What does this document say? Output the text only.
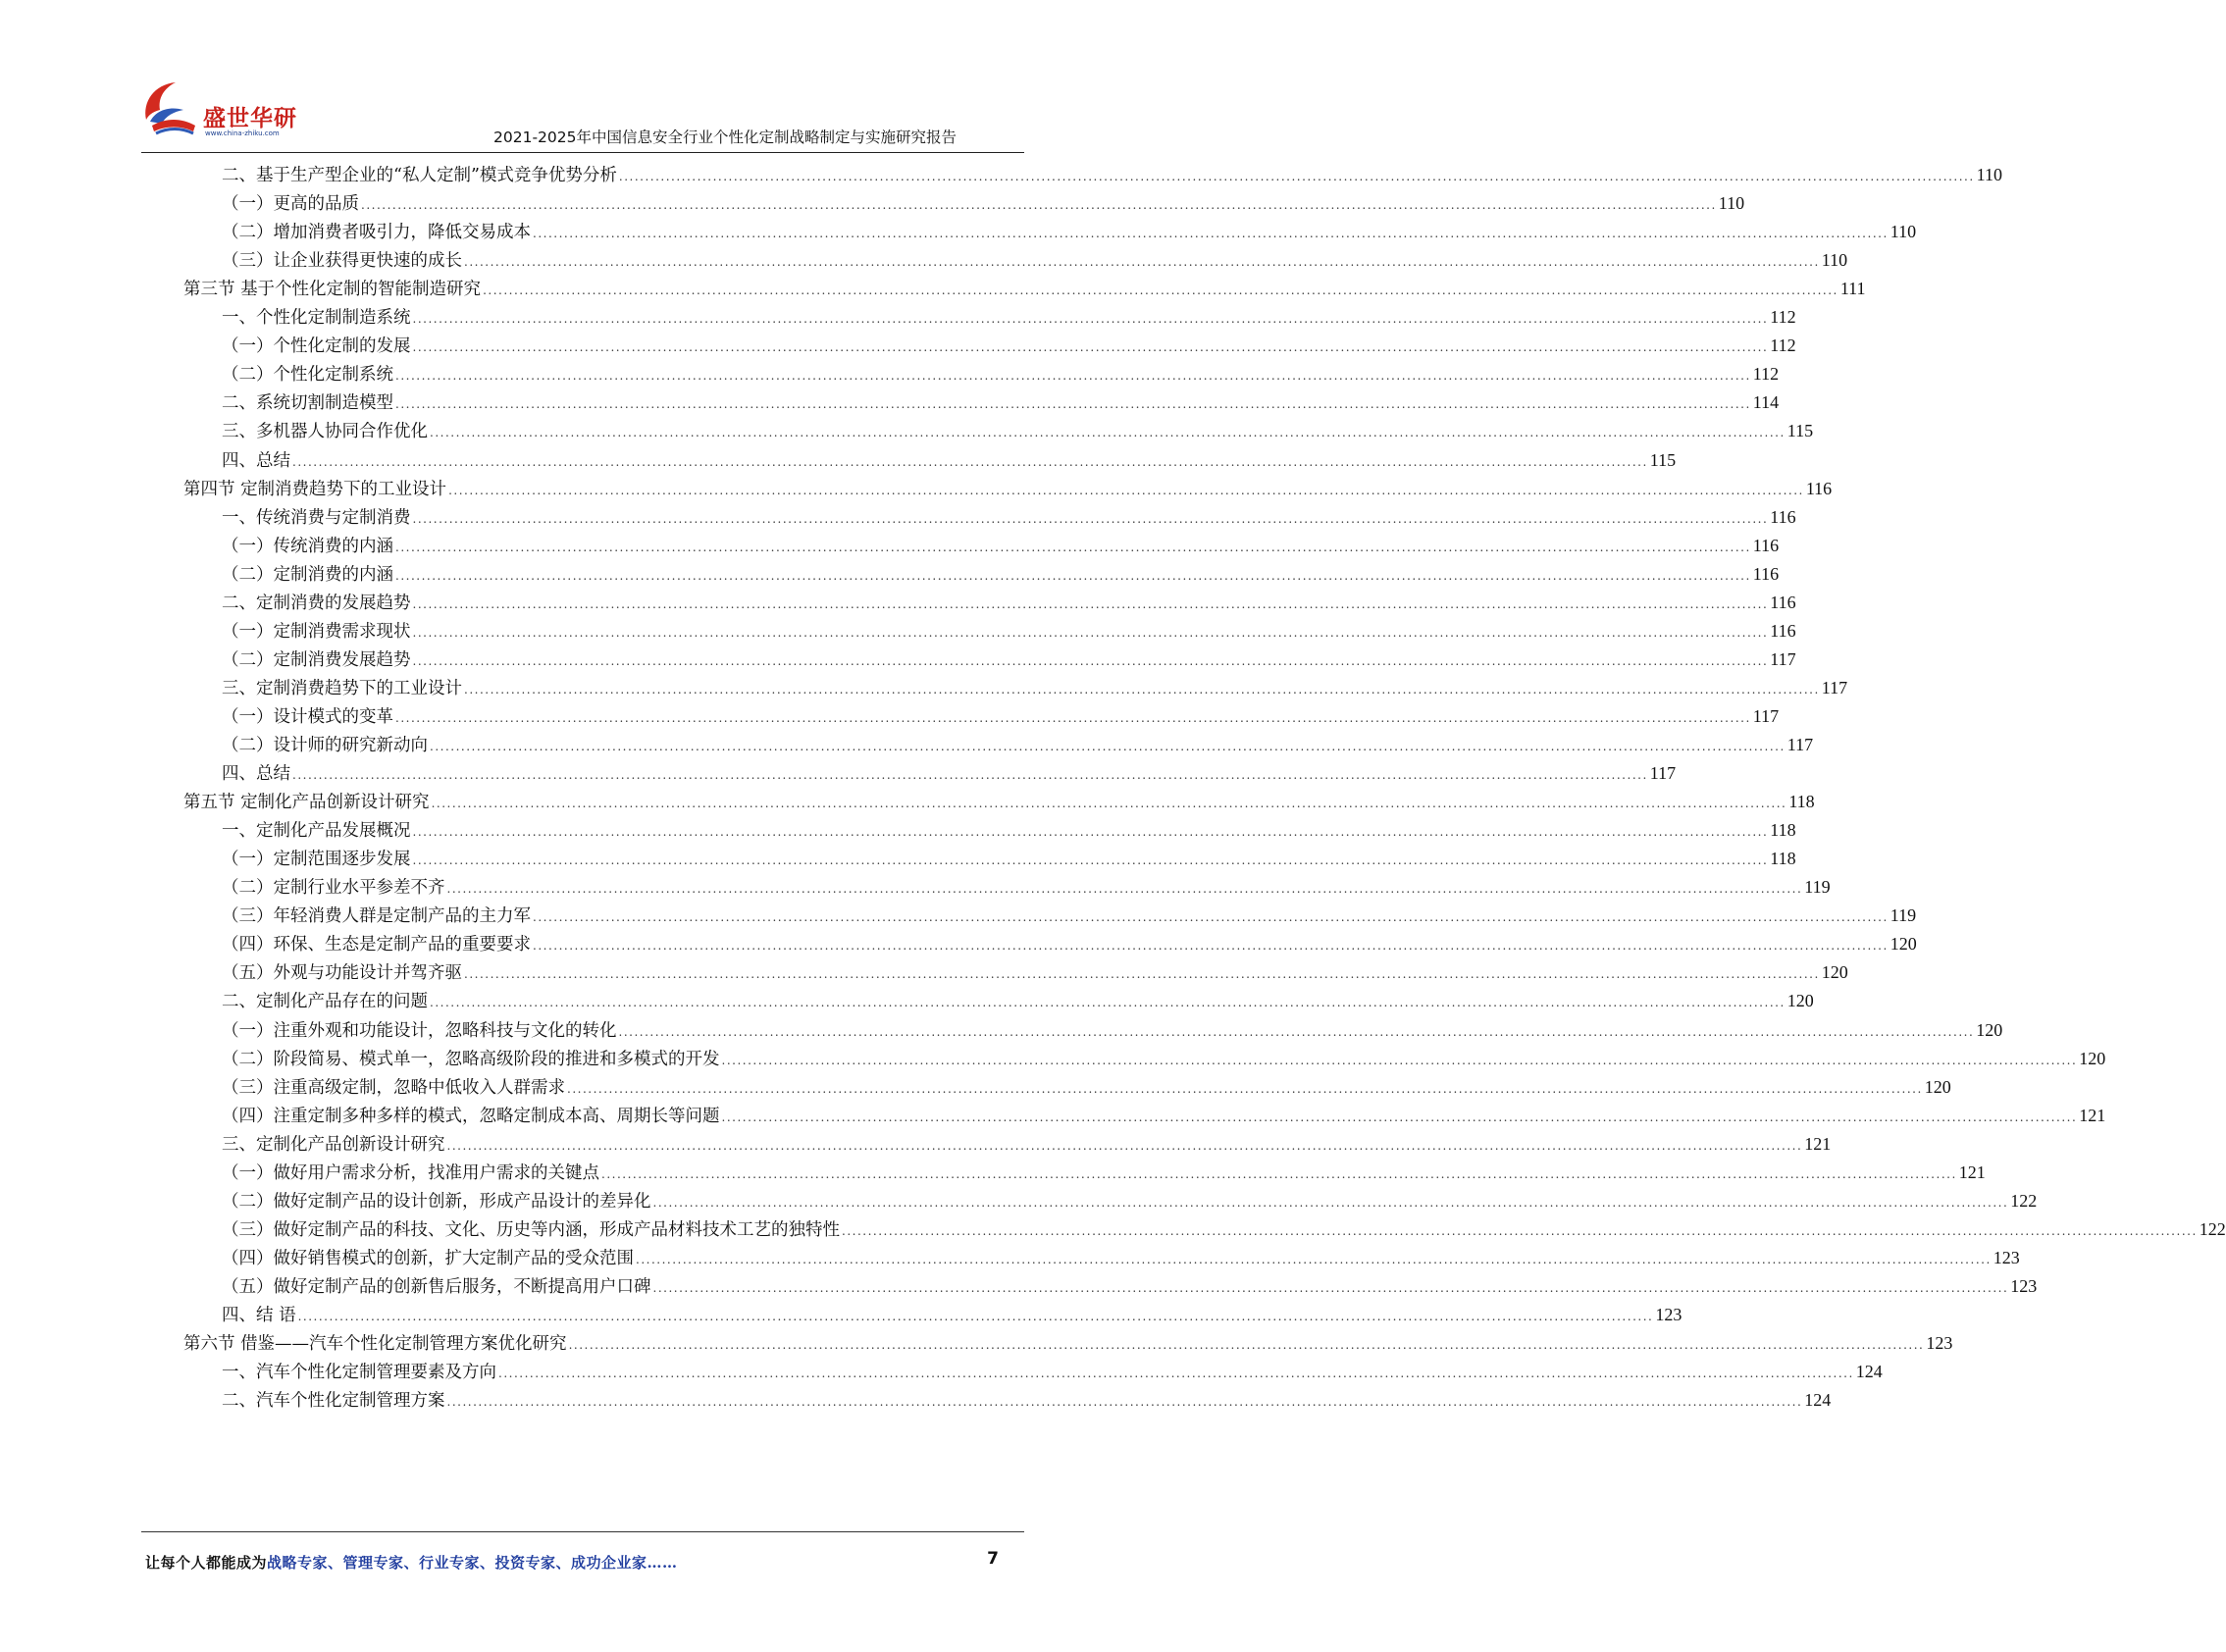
盛世华研
www.china-zhiku.com	2021-2025年中国信息安全行业个性化定制战略制定与实施研究报告
二、基于生产型企业的“私人定制”模式竞争优势分析 .................................................................................................................................................................................................................................................................... 110
（一）更高的品质 .................................................................................................................................................................................................................................................................... 110
（二）增加消费者吸引力，降低交易成本 .................................................................................................................................................................................................................................................................... 110
（三）让企业获得更快速的成长 .................................................................................................................................................................................................................................................................... 110
第三节 基于个性化定制的智能制造研究 .................................................................................................................................................................................................................................................................... 111
一、个性化定制制造系统 .................................................................................................................................................................................................................................................................... 112
（一）个性化定制的发展 .................................................................................................................................................................................................................................................................... 112
（二）个性化定制系统 .................................................................................................................................................................................................................................................................... 112
二、系统切割制造模型 .................................................................................................................................................................................................................................................................... 114
三、多机器人协同合作优化 .................................................................................................................................................................................................................................................................... 115
四、总结 .................................................................................................................................................................................................................................................................... 115
第四节 定制消费趋势下的工业设计 .................................................................................................................................................................................................................................................................... 116
一、传统消费与定制消费 .................................................................................................................................................................................................................................................................... 116
（一）传统消费的内涵 .................................................................................................................................................................................................................................................................... 116
（二）定制消费的内涵 .................................................................................................................................................................................................................................................................... 116
二、定制消费的发展趋势 .................................................................................................................................................................................................................................................................... 116
（一）定制消费需求现状 .................................................................................................................................................................................................................................................................... 116
（二）定制消费发展趋势 .................................................................................................................................................................................................................................................................... 117
三、定制消费趋势下的工业设计 .................................................................................................................................................................................................................................................................... 117
（一）设计模式的变革 .................................................................................................................................................................................................................................................................... 117
（二）设计师的研究新动向 .................................................................................................................................................................................................................................................................... 117
四、总结 .................................................................................................................................................................................................................................................................... 117
第五节 定制化产品创新设计研究 .................................................................................................................................................................................................................................................................... 118
一、定制化产品发展概况 .................................................................................................................................................................................................................................................................... 118
（一）定制范围逐步发展 .................................................................................................................................................................................................................................................................... 118
（二）定制行业水平参差不齐 .................................................................................................................................................................................................................................................................... 119
（三）年轻消费人群是定制产品的主力军 .................................................................................................................................................................................................................................................................... 119
（四）环保、生态是定制产品的重要要求 .................................................................................................................................................................................................................................................................... 120
（五）外观与功能设计并驾齐驱 .................................................................................................................................................................................................................................................................... 120
二、定制化产品存在的问题 .................................................................................................................................................................................................................................................................... 120
（一）注重外观和功能设计，忽略科技与文化的转化 .................................................................................................................................................................................................................................................................... 120
（二）阶段简易、模式单一，忽略高级阶段的推进和多模式的开发 .................................................................................................................................................................................................................................................................... 120
（三）注重高级定制，忽略中低收入人群需求 .................................................................................................................................................................................................................................................................... 120
（四）注重定制多种多样的模式，忽略定制成本高、周期长等问题 .................................................................................................................................................................................................................................................................... 121
三、定制化产品创新设计研究 .................................................................................................................................................................................................................................................................... 121
（一）做好用户需求分析，找准用户需求的关键点 .................................................................................................................................................................................................................................................................... 121
（二）做好定制产品的设计创新，形成产品设计的差异化 .................................................................................................................................................................................................................................................................... 122
（三）做好定制产品的科技、文化、历史等内涵，形成产品材料技术工艺的独特性 .................................................................................................................................................................................................................................................................... 122
（四）做好销售模式的创新，扩大定制产品的受众范围 .................................................................................................................................................................................................................................................................... 123
（五）做好定制产品的创新售后服务，不断提高用户口碑 .................................................................................................................................................................................................................................................................... 123
四、结 语 .................................................................................................................................................................................................................................................................... 123
第六节 借鉴——汽车个性化定制管理方案优化研究 .................................................................................................................................................................................................................................................................... 123
一、汽车个性化定制管理要素及方向 .................................................................................................................................................................................................................................................................... 124
二、汽车个性化定制管理方案 .................................................................................................................................................................................................................................................................... 124
让每个人都能成为战略专家、管理专家、行业专家、投资专家、成功企业家……	7
